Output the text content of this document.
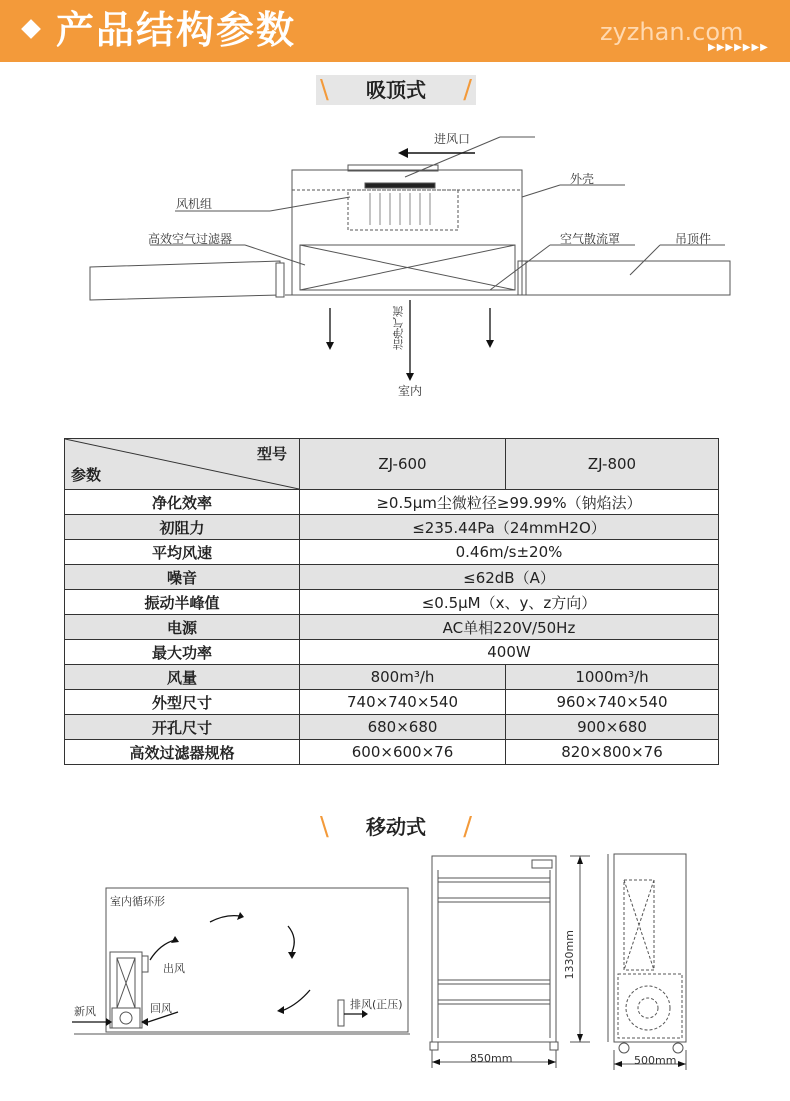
产品结构参数	zyzhan.com
▶▶▶▶▶▶▶
\ 吸顶式 /
进风口
外壳
风机组
高效空气过滤器	空气散流罩	吊顶件
洁净气流
室内
型号
参数	ZJ-600	ZJ-800
净化效率	≥0.5μm尘微粒径≥99.99%（钠焰法）	
初阻力	≤235.44Pa（24mmH2O）	
平均风速	0.46m/s±20%	
噪音	≤62dB（A）	
振动半峰值	≤0.5μM（x、y、z方向）	
电源	AC单相220V/50Hz	
最大功率	400W	
风量	800m³/h	1000m³/h
外型尺寸	740×740×540	960×740×540
开孔尺寸	680×680	900×680
高效过滤器规格	600×600×76	820×800×76
\ 移动式 /
室内循环形
出风
回风
新风
排风(正压)
850mm
1330mm
500mm
